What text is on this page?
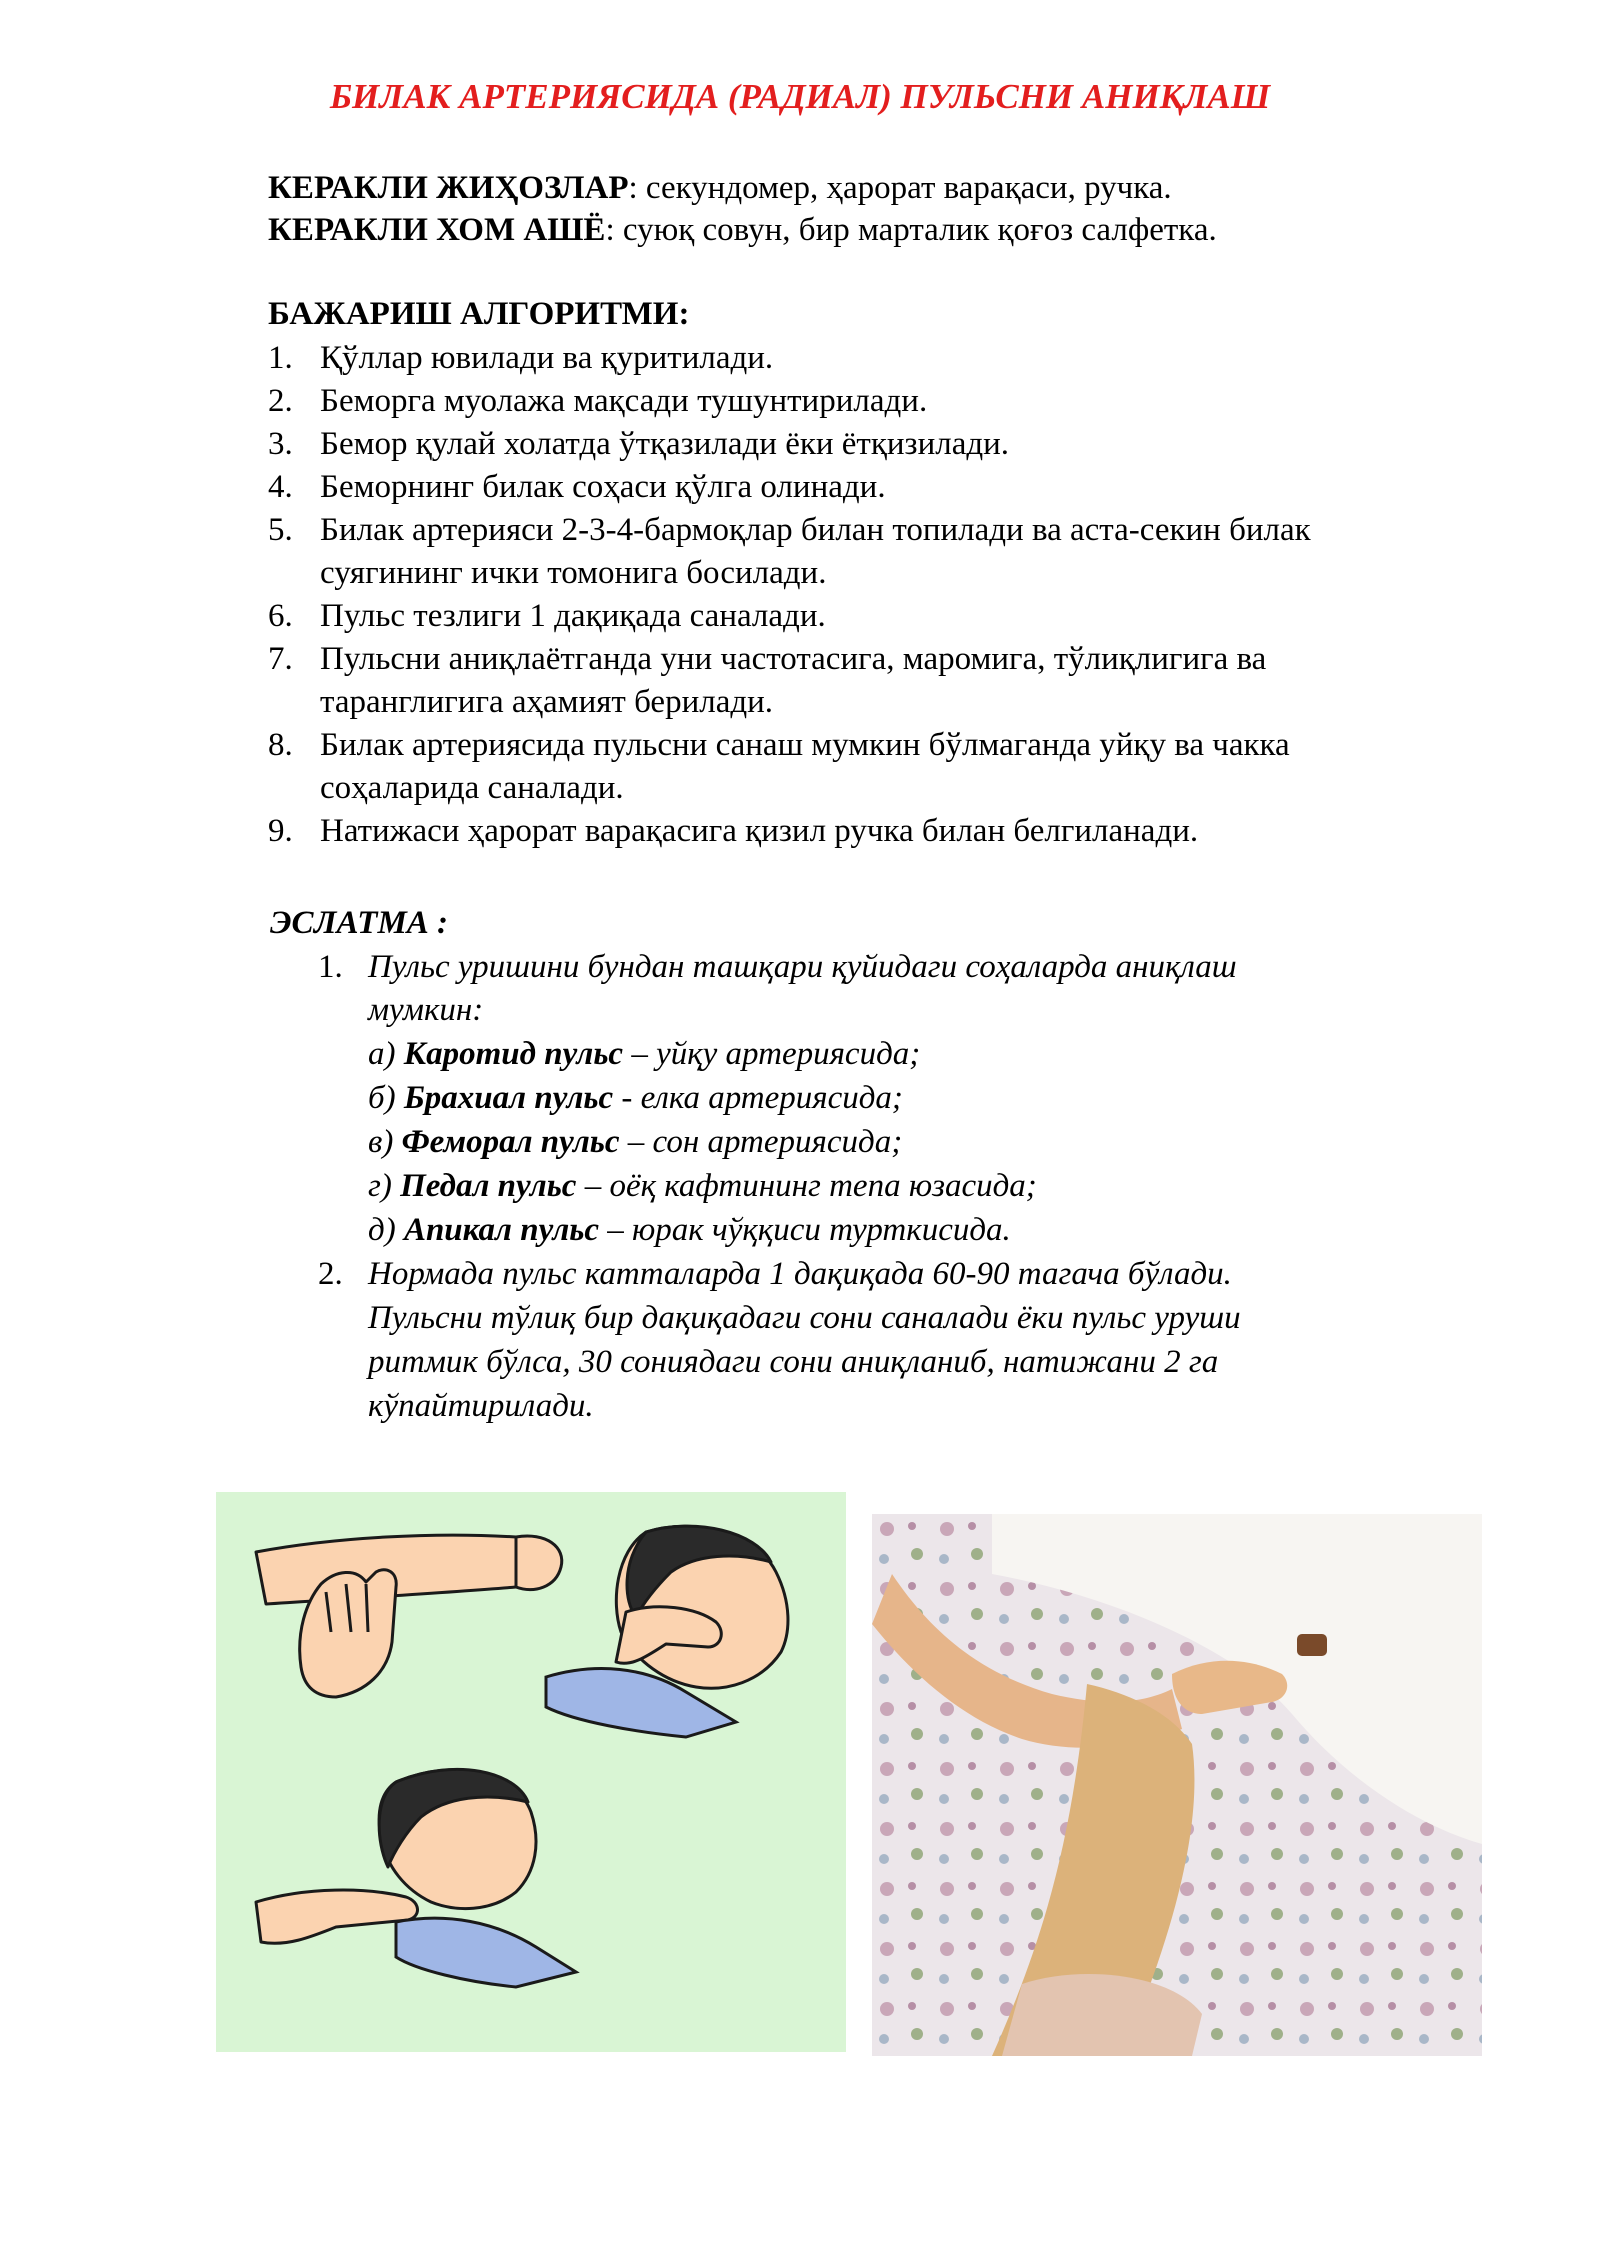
БИЛАК АРТЕРИЯСИДА (РАДИАЛ) ПУЛЬСНИ АНИҚЛАШ
КЕРАКЛИ ЖИҲОЗЛАР: секундомер, ҳарорат варақаси, ручка.
КЕРАКЛИ ХОМ АШЁ: суюқ совун, бир марталик қоғоз салфетка.
БАЖАРИШ АЛГОРИТМИ:
1. Қўллар ювилади ва қуритилади.
2. Беморга муолажа мақсади тушунтирилади.
3. Бемор қулай холатда ўтқазилади ёки ётқизилади.
4. Беморнинг билак соҳаси қўлга олинади.
5. Билак артерияси 2-3-4-бармоқлар билан топилади ва аста-секин билак
суягининг ички томонига босилади.
6. Пульс тезлиги 1 дақиқада саналади.
7. Пульсни аниқлаётганда уни частотасига, маромига, тўлиқлигига ва
таранглигига аҳамият берилади.
8. Билак артериясида пульсни санаш мумкин бўлмаганда уйқу ва чакка
соҳаларида саналади.
9. Натижаси ҳарорат варақасига қизил ручка билан белгиланади.
ЭСЛАТМА :
1. Пульс уришини бундан ташқари қуйидаги соҳаларда аниқлаш
мумкин:
а) Каротид пульс – уйқу артериясида;
б) Брахиал пульс - елка артериясида;
в) Феморал пульс – сон артериясида;
г) Педал пульс – оёқ кафтининг тепа юзасида;
д) Апикал пульс – юрак чўққиси турткисида.
2. Нормада пульс катталарда 1 дақиқада 60-90 тагача бўлади.
Пульсни тўлиқ бир дақиқадаги сони саналади ёки пульс уруши
ритмик бўлса, 30 сониядаги сони аниқланиб, натижани 2 га
кўпайтирилади.
